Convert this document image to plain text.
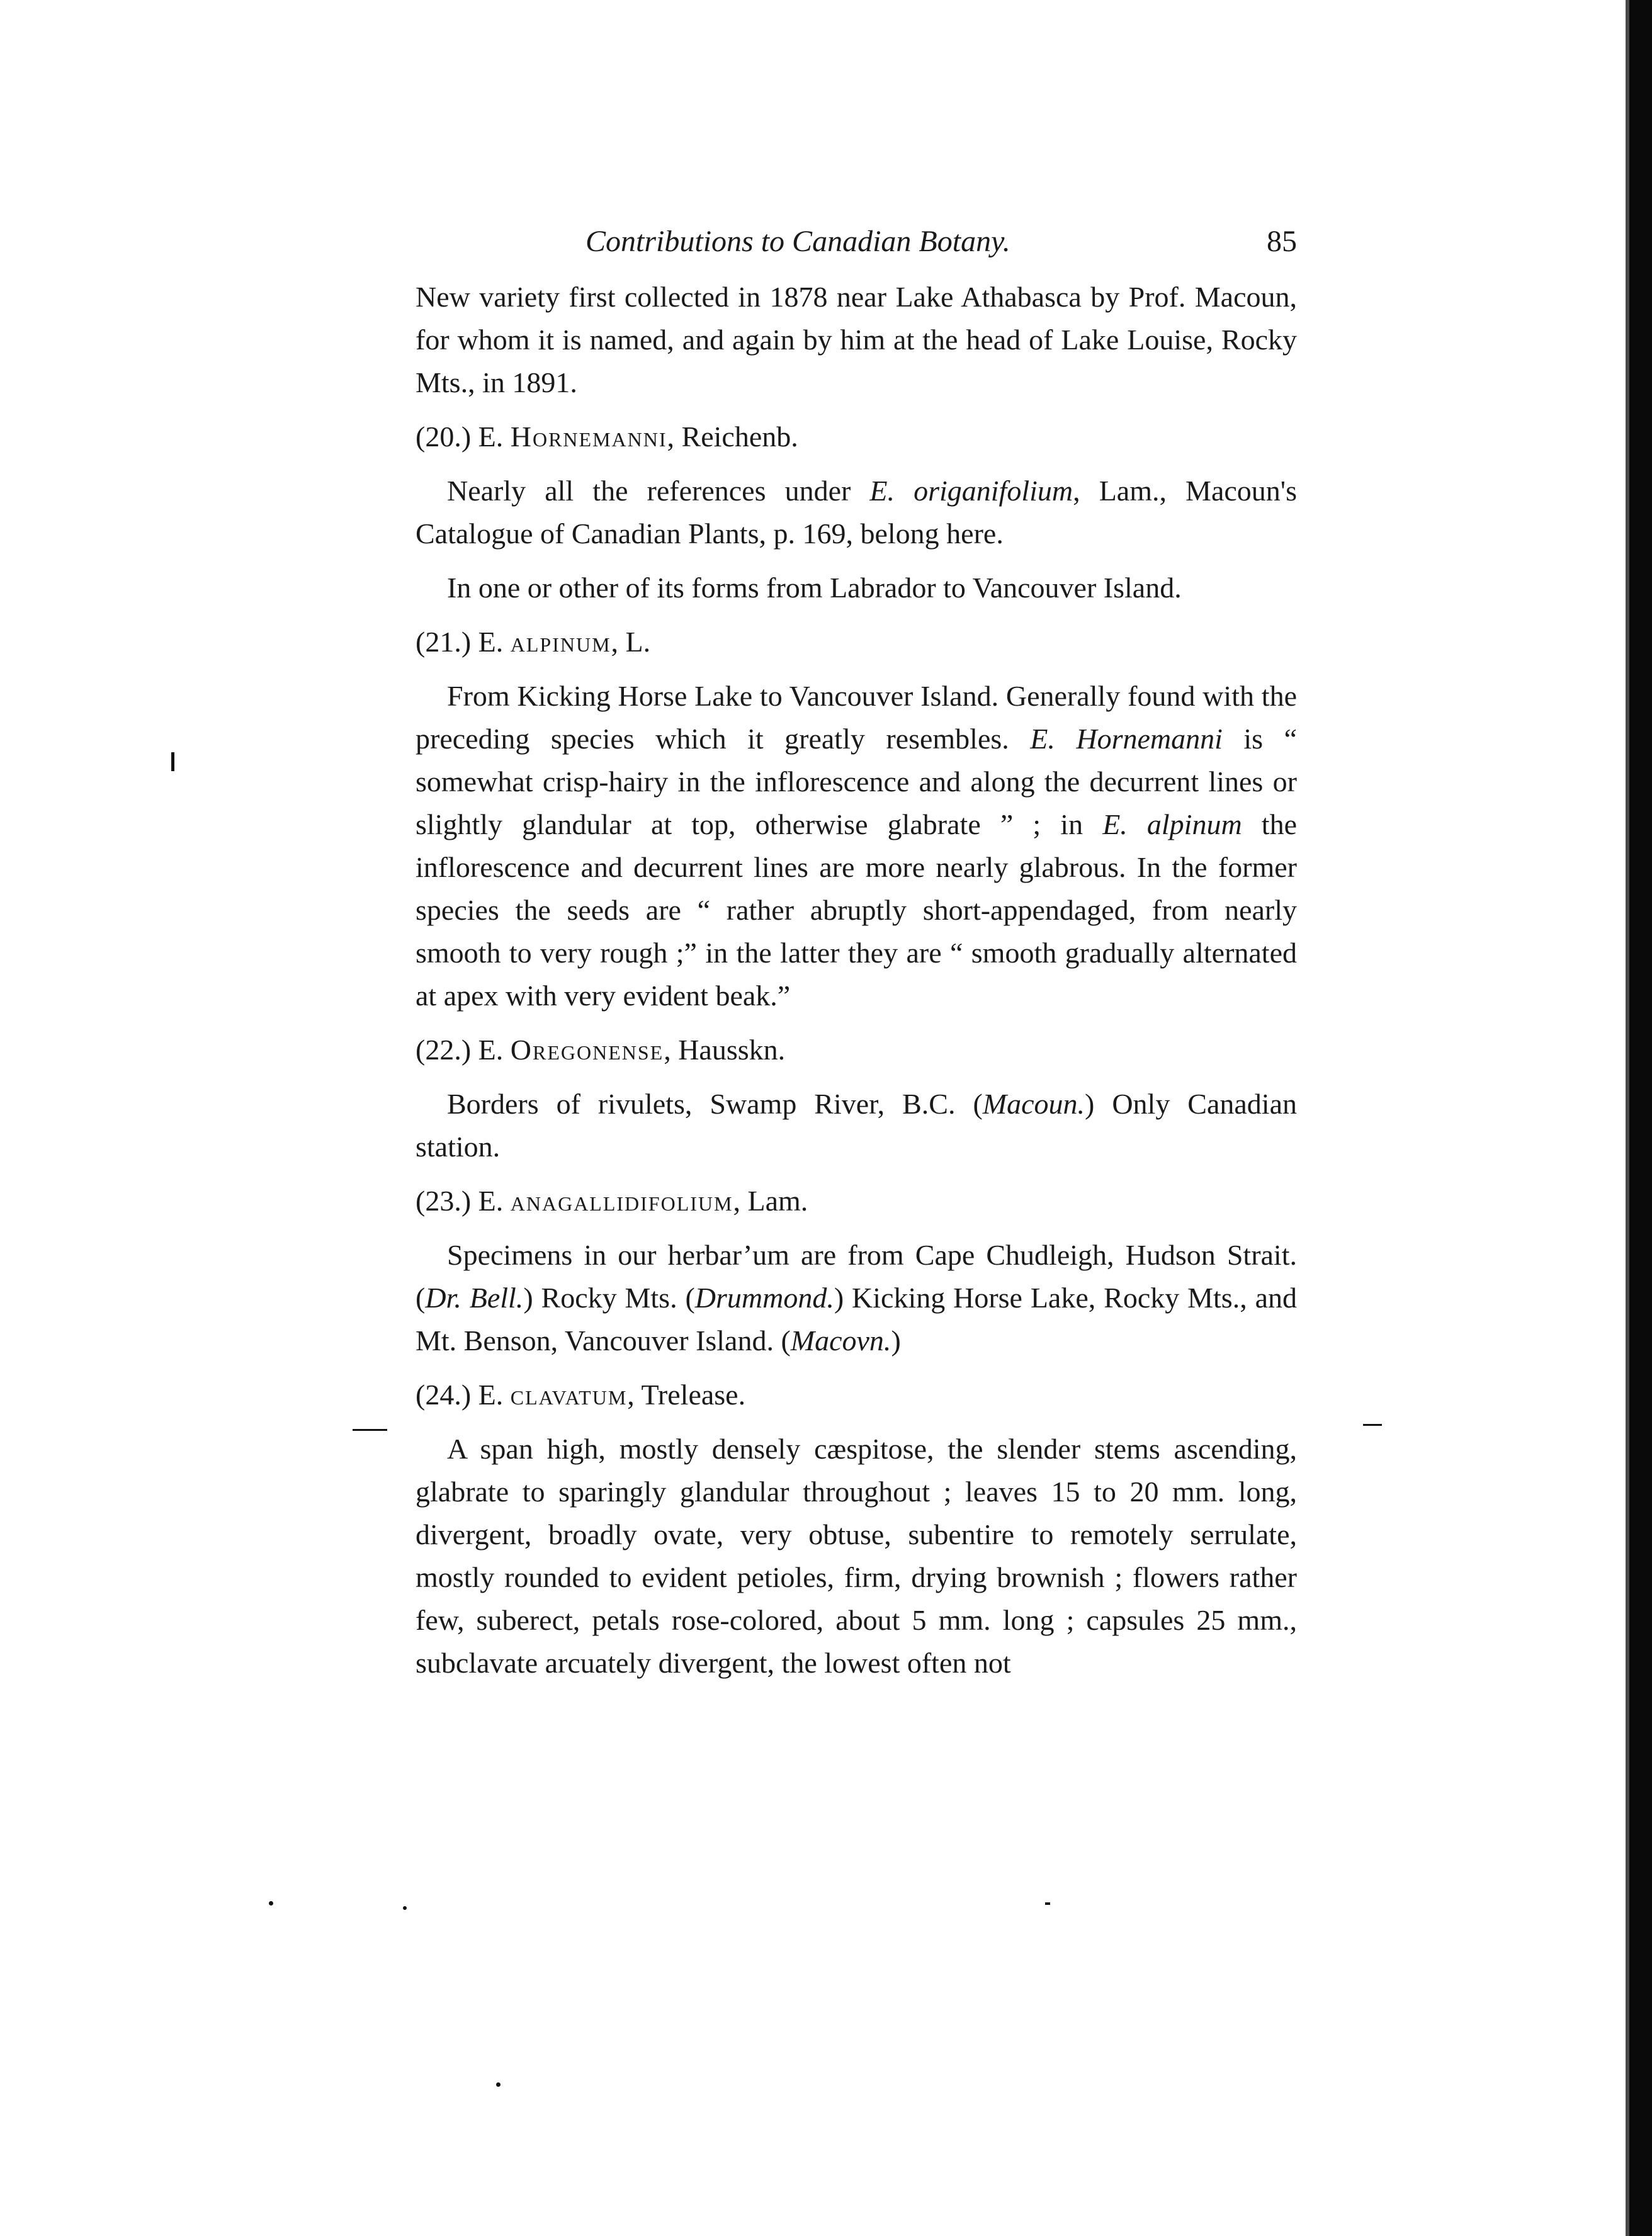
Contributions to Canadian Botany.	85

New variety first collected in 1878 near Lake Athabasca by Prof. Macoun, for whom it is named, and again by him at the head of Lake Louise, Rocky Mts., in 1891.

(20.) E. Hornemanni, Reichenb.

Nearly all the references under E. origanifolium, Lam., Macoun's Catalogue of Canadian Plants, p. 169, belong here.

In one or other of its forms from Labrador to Vancouver Island.

(21.) E. alpinum, L.

From Kicking Horse Lake to Vancouver Island. Generally found with the preceding species which it greatly resembles. E. Hornemanni is “ somewhat crisp-hairy in the inflorescence and along the decurrent lines or slightly glandular at top, otherwise glabrate ” ; in E. alpinum the inflorescence and decurrent lines are more nearly glabrous. In the former species the seeds are “ rather abruptly short-appendaged, from nearly smooth to very rough ;” in the latter they are “ smooth gradually alternated at apex with very evident beak.”

(22.) E. Oregonense, Hausskn.

Borders of rivulets, Swamp River, B.C. (Macoun.) Only Canadian station.

(23.) E. anagallidifolium, Lam.

Specimens in our herbar’um are from Cape Chudleigh, Hudson Strait. (Dr. Bell.) Rocky Mts. (Drummond.) Kicking Horse Lake, Rocky Mts., and Mt. Benson, Vancouver Island. (Macovn.)

(24.) E. clavatum, Trelease.

A span high, mostly densely cæspitose, the slender stems ascending, glabrate to sparingly glandular throughout ; leaves 15 to 20 mm. long, divergent, broadly ovate, very obtuse, subentire to remotely serrulate, mostly rounded to evident petioles, firm, drying brownish ; flowers rather few, suberect, petals rose-colored, about 5 mm. long ; capsules 25 mm., subclavate arcuately divergent, the lowest often not
